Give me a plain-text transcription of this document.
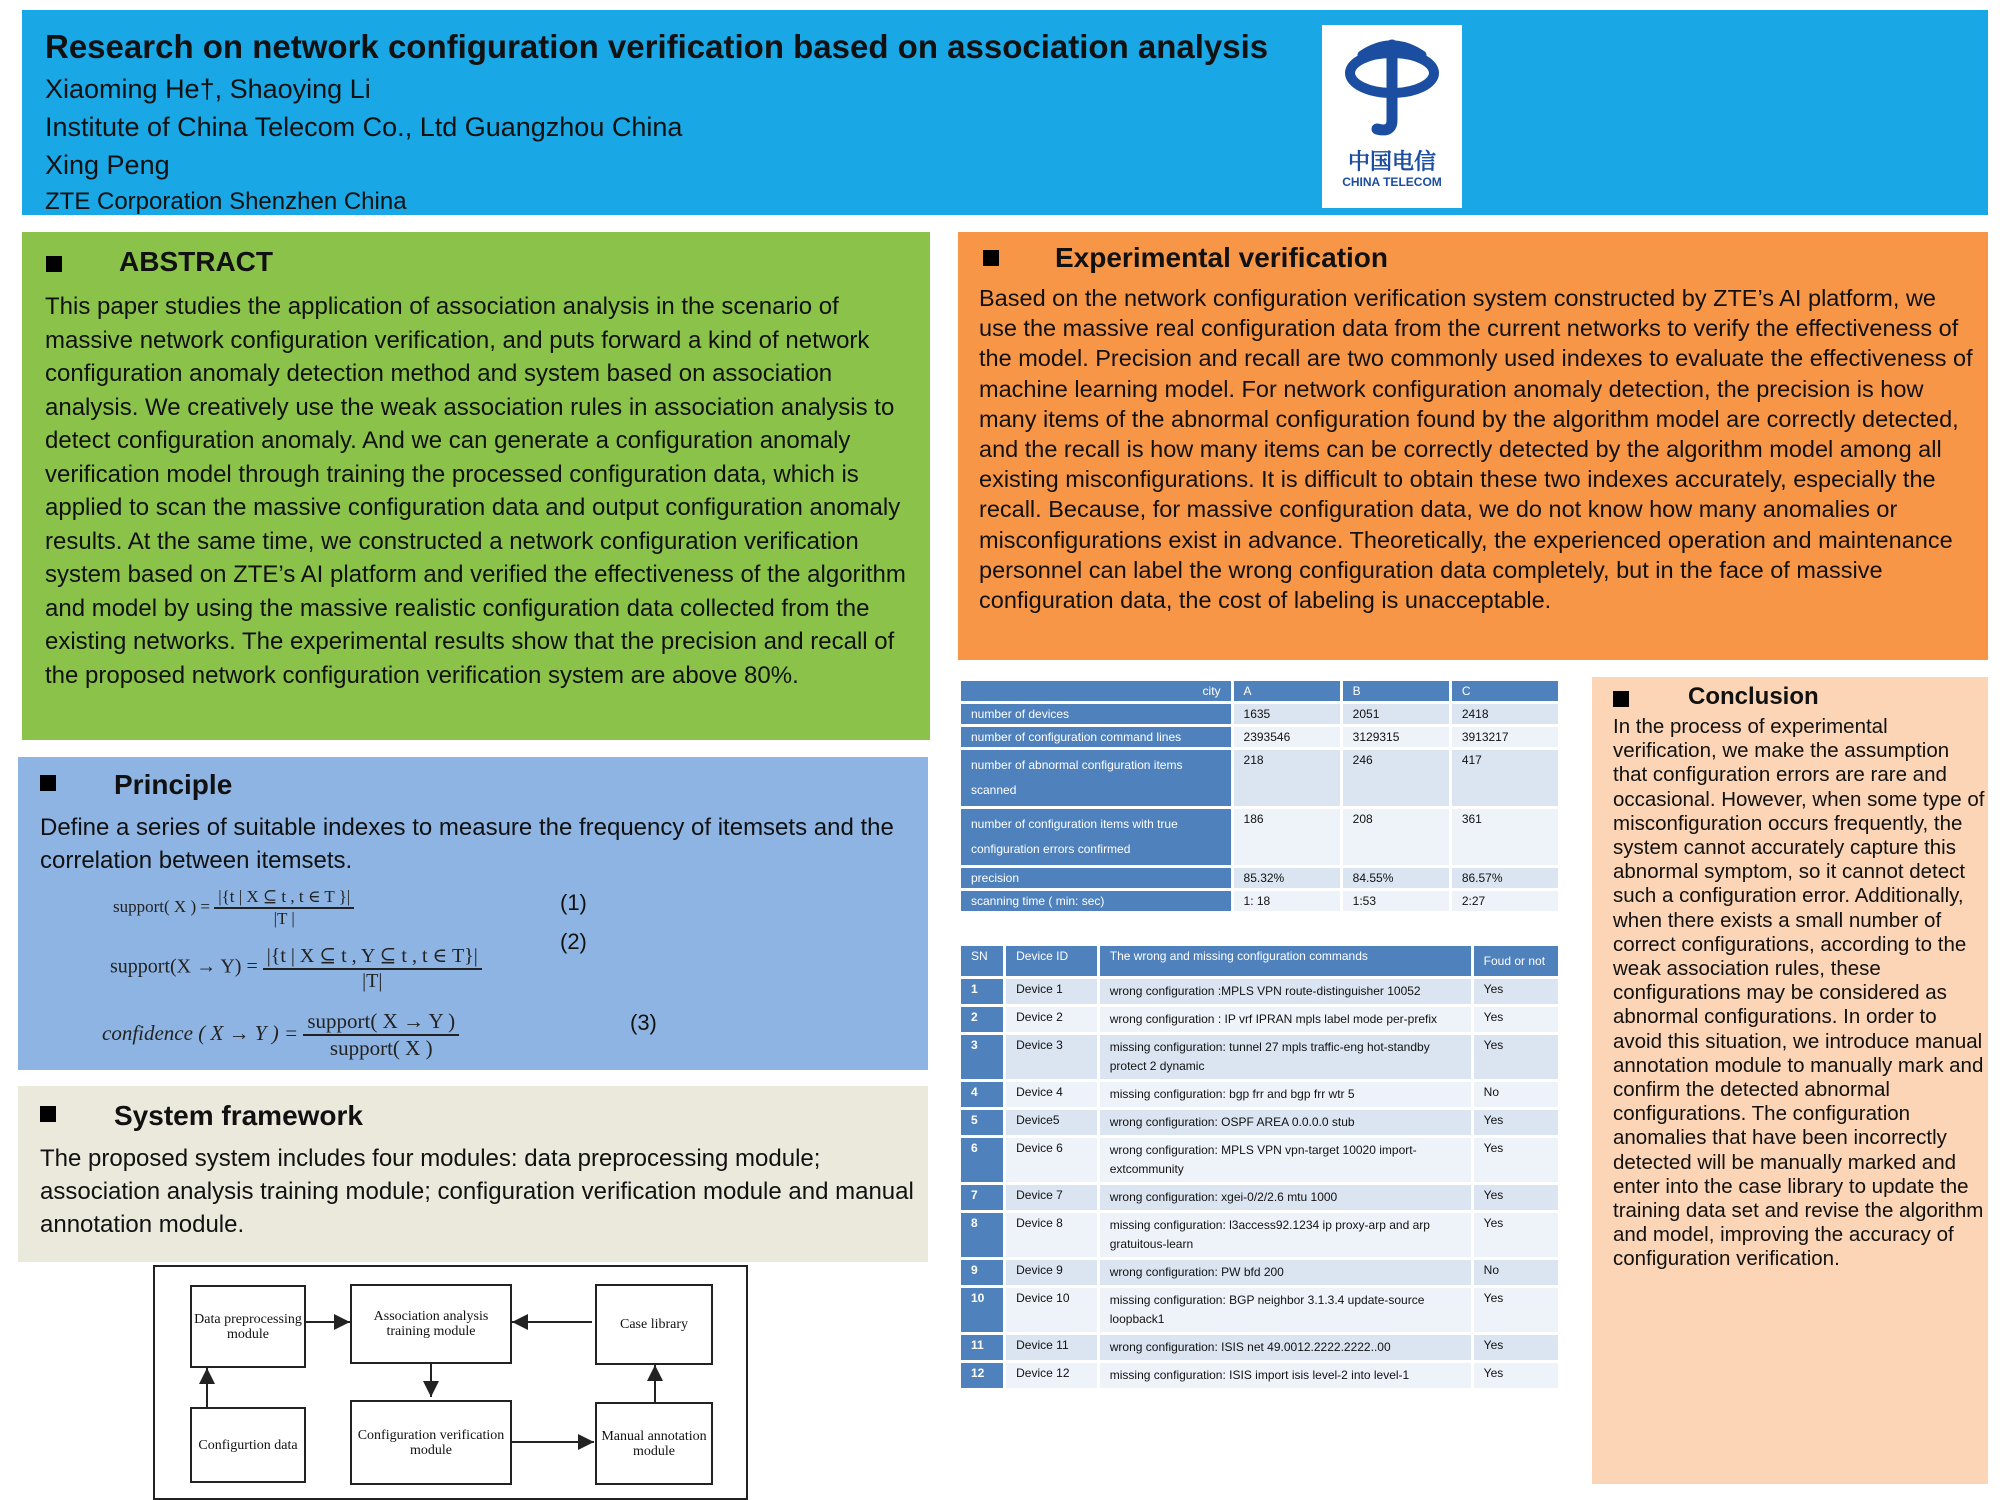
Research on network configuration verification based on association analysis
Xiaoming He†, Shaoying Li
Institute of China Telecom Co., Ltd Guangzhou China
Xing Peng
ZTE Corporation Shenzhen China
中国电信
CHINA TELECOM
ABSTRACT
This paper studies the application of association analysis in the scenario of massive network configuration verification, and puts forward a kind of network configuration anomaly detection method and system based on association analysis. We creatively use the weak association rules in association analysis to detect configuration anomaly. And we can generate a configuration anomaly verification model through training the processed configuration data, which is applied to scan the massive configuration data and output configuration anomaly results. At the same time, we constructed a network configuration verification system based on ZTE’s AI platform and verified the effectiveness of the algorithm and model by using the massive realistic configuration data collected from the existing networks. The experimental results show that the precision and recall of the proposed network configuration verification system are above 80%.
Principle
Define a series of suitable indexes to measure the frequency of itemsets and the correlation between itemsets.
support( X ) = $\frac{|\{t | X ⊆ t , t \in T \}|}{|T |}$	(1)
support(X → $Y) = \frac{|\{t | X ⊆ t , Y ⊆ t , t \in T\}|}{|T|}$
(2)
confidence ( X → Y ) = $\frac{\text{support( X → Y )}}{\text{support( X )}}$	(3)
System framework
The proposed system includes four modules: data preprocessing module; association analysis training module; configuration verification module and manual annotation module.
Data preprocessing module
Association analysis training module	Case library
Configurtion data
Configuration verification module
Manual annotation module
Experimental verification
Based on the network configuration verification system constructed by ZTE’s AI platform, we use the massive real configuration data from the current networks to verify the effectiveness of the model. Precision and recall are two commonly used indexes to evaluate the effectiveness of machine learning model. For network configuration anomaly detection, the precision is how many items of the abnormal configuration found by the algorithm model are correctly detected, and the recall is how many items can be correctly detected by the algorithm model among all existing misconfigurations. It is difficult to obtain these two indexes accurately, especially the recall. Because, for massive configuration data, we do not know how many anomalies or misconfigurations exist in advance. Theoretically, the experienced operation and maintenance personnel can label the wrong configuration data completely, but in the face of massive configuration data, the cost of labeling is unacceptable.
city	A	B	C
number of devices	1635	2051	2418
number of configuration command lines	2393546	3129315	3913217
number of abnormal configuration items scanned	218	246	417
number of configuration items with true configuration errors confirmed	186	208	361
precision	85.32%	84.55%	86.57%
scanning time ( min: sec)	1: 18	1:53	2:27
SN	Device ID	The wrong and missing configuration commands	Foud or not
1	Device 1	wrong configuration :MPLS VPN route-distinguisher 10052	Yes
2	Device 2	wrong configuration : IP vrf IPRAN mpls label mode per-prefix	Yes
3	Device 3	missing configuration: tunnel 27 mpls traffic-eng hot-standby protect 2 dynamic	Yes
4	Device 4	missing configuration: bgp frr and bgp frr wtr 5	No
5	Device5	wrong configuration: OSPF AREA 0.0.0.0 stub	Yes
6	Device 6	wrong configuration: MPLS VPN vpn-target 10020 import-extcommunity	Yes
7	Device 7	wrong configuration: xgei-0/2/2.6 mtu 1000	Yes
8	Device 8	missing configuration: l3access92.1234 ip proxy-arp and arp gratuitous-learn	Yes
9	Device 9	wrong configuration: PW bfd 200	No
10	Device 10	missing configuration: BGP neighbor 3.1.3.4 update-source loopback1	Yes
11	Device 11	wrong configuration: ISIS net 49.0012.2222.2222..00	Yes
12	Device 12	missing configuration: ISIS import isis level-2 into level-1	Yes
Conclusion
In the process of experimental verification, we make the assumption that configuration errors are rare and occasional. However, when some type of misconfiguration occurs frequently, the system cannot accurately capture this abnormal symptom, so it cannot detect such a configuration error. Additionally, when there exists a small number of correct configurations, according to the weak association rules, these configurations may be considered as abnormal configurations. In order to avoid this situation, we introduce manual annotation module to manually mark and confirm the detected abnormal configurations. The configuration anomalies that have been incorrectly detected will be manually marked and enter into the case library to update the training data set and revise the algorithm and model, improving the accuracy of configuration verification.
